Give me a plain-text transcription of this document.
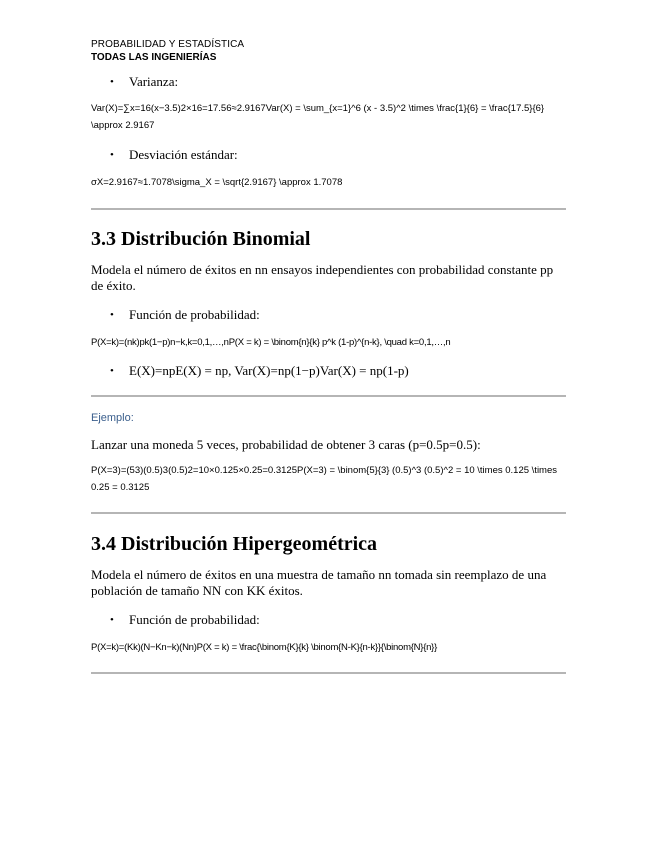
PROBABILIDAD Y ESTADÍSTICA
TODAS LAS INGENIERÍAS
• Varianza:
Var(X)=∑x=16(x−3.5)2×16=17.56≈2.9167Var(X) = \sum_{x=1}^6 (x - 3.5)^2 \times \frac{1}{6} = \frac{17.5}{6} \approx 2.9167
• Desviación estándar:
σX=2.9167≈1.7078\sigma_X = \sqrt{2.9167} \approx 1.7078
3.3 Distribución Binomial
Modela el número de éxitos en nn ensayos independientes con probabilidad constante pp de éxito.
• Función de probabilidad:
P(X=k)=(nk)pk(1−p)n−k,k=0,1,…,nP(X = k) = \binom{n}{k} p^k (1-p)^{n-k}, \quad k=0,1,…,n
• E(X)=npE(X) = np, Var(X)=np(1−p)Var(X) = np(1-p)
Ejemplo:
Lanzar una moneda 5 veces, probabilidad de obtener 3 caras (p=0.5p=0.5):
P(X=3)=(53)(0.5)3(0.5)2=10×0.125×0.25=0.3125P(X=3) = \binom{5}{3} (0.5)^3 (0.5)^2 = 10 \times 0.125 \times 0.25 = 0.3125
3.4 Distribución Hipergeométrica
Modela el número de éxitos en una muestra de tamaño nn tomada sin reemplazo de una población de tamaño NN con KK éxitos.
• Función de probabilidad:
P(X=k)=(Kk)(N−Kn−k)(Nn)P(X = k) = \frac{\binom{K}{k} \binom{N-K}{n-k}}{\binom{N}{n}}
